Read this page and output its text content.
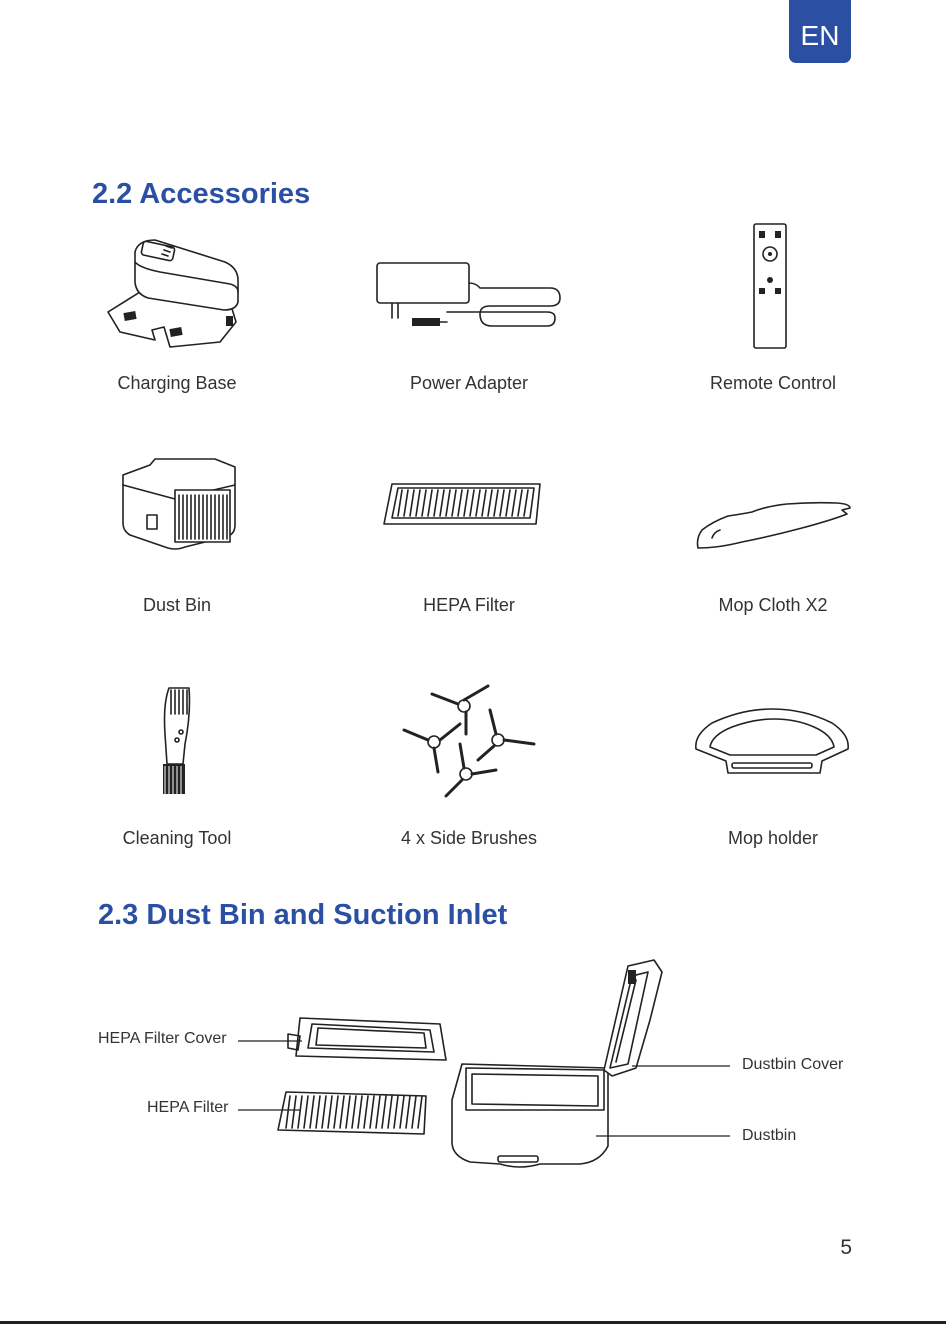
EN
2.2 Accessories
Charging Base	Power Adapter	Remote Control
Dust Bin	HEPA Filter	Mop Cloth X2
Cleaning Tool	4 x Side Brushes	Mop holder
2.3 Dust Bin and Suction Inlet
HEPA Filter Cover
HEPA Filter
Dustbin Cover
Dustbin
5
